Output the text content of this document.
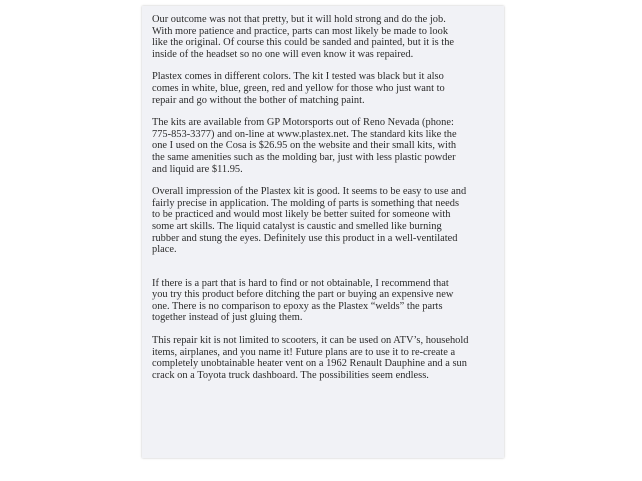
Our outcome was not that pretty, but it will hold strong and do the job.
With more patience and practice, parts can most likely be made to look
like the original. Of course this could be sanded and painted, but it is the
inside of the headset so no one will even know it was repaired.

Plastex comes in different colors. The kit I tested was black but it also
comes in white, blue, green, red and yellow for those who just want to
repair and go without the bother of matching paint.

The kits are available from GP Motorsports out of Reno Nevada (phone:
775-853-3377) and on-line at www.plastex.net. The standard kits like the
one I used on the Cosa is $26.95 on the website and their small kits, with
the same amenities such as the molding bar, just with less plastic powder
and liquid are $11.95.

Overall impression of the Plastex kit is good. It seems to be easy to use and
fairly precise in application. The molding of parts is something that needs
to be practiced and would most likely be better suited for someone with
some art skills. The liquid catalyst is caustic and smelled like burning
rubber and stung the eyes. Definitely use this product in a well-ventilated
place.

If there is a part that is hard to find or not obtainable, I recommend that
you try this product before ditching the part or buying an expensive new
one. There is no comparison to epoxy as the Plastex “welds” the parts
together instead of just gluing them.

This repair kit is not limited to scooters, it can be used on ATV’s, household
items, airplanes, and you name it! Future plans are to use it to re-create a
completely unobtainable heater vent on a 1962 Renault Dauphine and a sun
crack on a Toyota truck dashboard. The possibilities seem endless.
